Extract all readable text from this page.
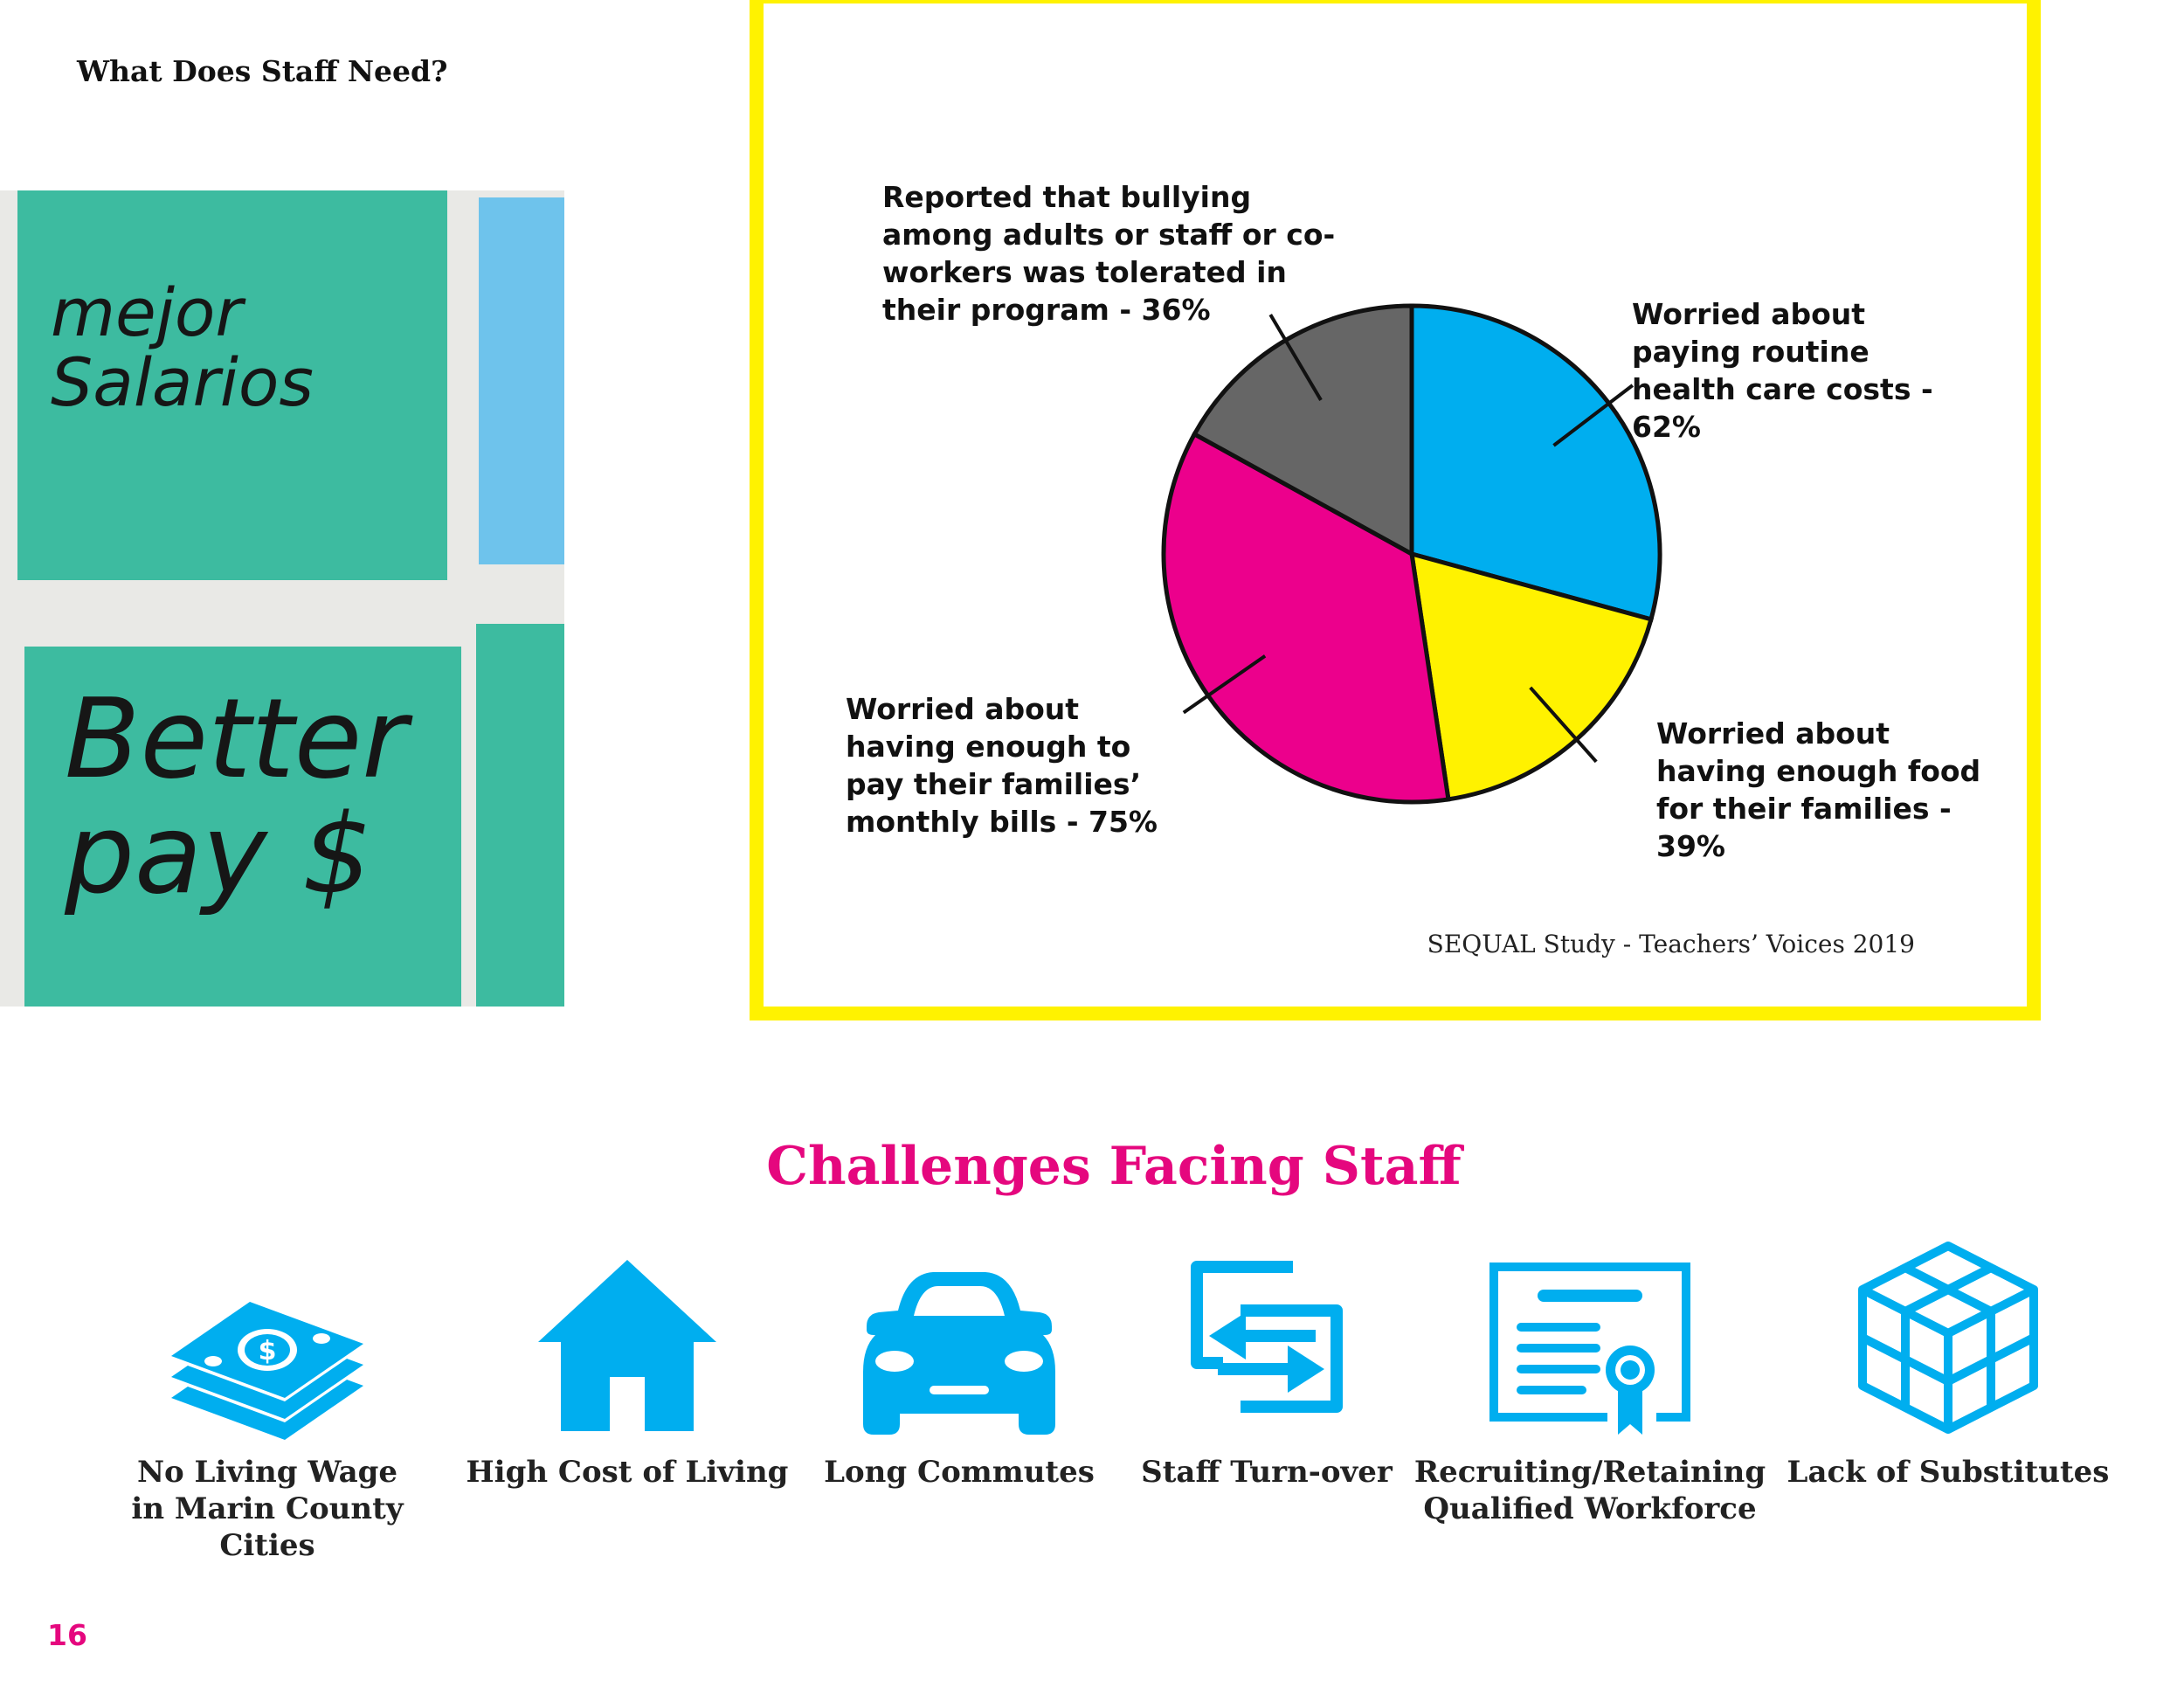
What Does Staff Need?
mejor
Salarios
Better
pay $
Reported that bullying among adults or staff or co-workers was tolerated in their program - 36%	Worried about paying routine health care costs - 62%
Worried about having enough to pay their families’ monthly bills - 75%
Worried about having enough food for their families - 39%
SEQUAL Study - Teachers’ Voices 2019
Challenges Facing Staff
$
No Living Wage
in Marin County Cities
High Cost of Living	Long Commutes	Staff Turn-over Recruiting/Retaining
Qualified Workforce
Lack of Substitutes
16
